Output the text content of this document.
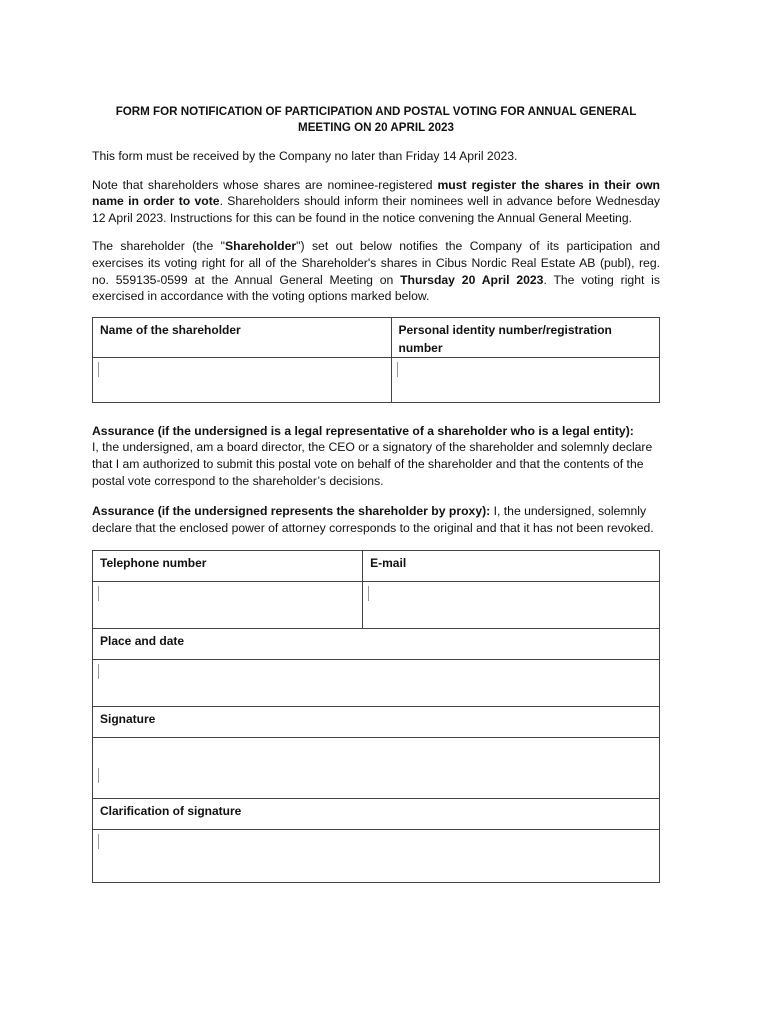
FORM FOR NOTIFICATION OF PARTICIPATION AND POSTAL VOTING FOR ANNUAL GENERAL MEETING ON 20 APRIL 2023

This form must be received by the Company no later than Friday 14 April 2023.

Note that shareholders whose shares are nominee-registered must register the shares in their own name in order to vote. Shareholders should inform their nominees well in advance before Wednesday 12 April 2023. Instructions for this can be found in the notice convening the Annual General Meeting.

The shareholder (the "Shareholder") set out below notifies the Company of its participation and exercises its voting right for all of the Shareholder's shares in Cibus Nordic Real Estate AB (publ), reg. no. 559135-0599 at the Annual General Meeting on Thursday 20 April 2023. The voting right is exercised in accordance with the voting options marked below.

Name of the shareholder	Personal identity number/registration number

Assurance (if the undersigned is a legal representative of a shareholder who is a legal entity):
I, the undersigned, am a board director, the CEO or a signatory of the shareholder and solemnly declare that I am authorized to submit this postal vote on behalf of the shareholder and that the contents of the postal vote correspond to the shareholder’s decisions.

Assurance (if the undersigned represents the shareholder by proxy): I, the undersigned, solemnly declare that the enclosed power of attorney corresponds to the original and that it has not been revoked.

Telephone number	E-mail

Place and date	

Signature	

Clarification of signature	
